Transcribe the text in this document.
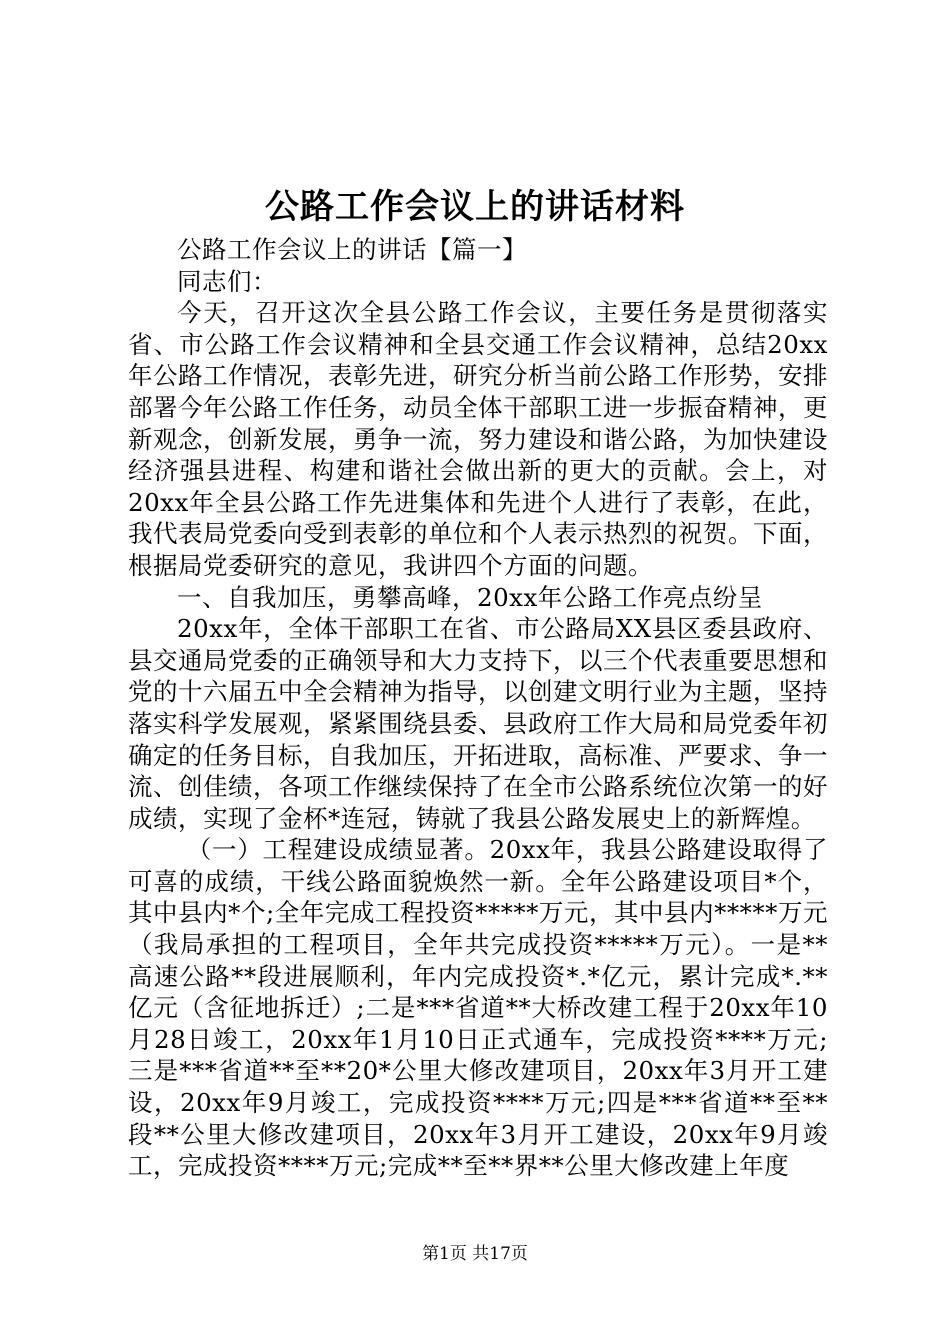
公路工作会议上的讲话材料

公路工作会议上的讲话【篇一】

同志们：

今天，召开这次全县公路工作会议，主要任务是贯彻落实省、市公路工作会议精神和全县交通工作会议精神，总结20xx年公路工作情况，表彰先进，研究分析当前公路工作形势，安排部署今年公路工作任务，动员全体干部职工进一步振奋精神，更新观念，创新发展，勇争一流，努力建设和谐公路，为加快建设经济强县进程、构建和谐社会做出新的更大的贡献。会上，对20xx年全县公路工作先进集体和先进个人进行了表彰，在此，我代表局党委向受到表彰的单位和个人表示热烈的祝贺。下面，根据局党委研究的意见，我讲四个方面的问题。

一、自我加压，勇攀高峰，20xx年公路工作亮点纷呈

20xx年，全体干部职工在省、市公路局XX县区委县政府、县交通局党委的正确领导和大力支持下，以三个代表重要思想和党的十六届五中全会精神为指导，以创建文明行业为主题，坚持落实科学发展观，紧紧围绕县委、县政府工作大局和局党委年初确定的任务目标，自我加压，开拓进取，高标准、严要求、争一流、创佳绩，各项工作继续保持了在全市公路系统位次第一的好成绩，实现了金杯*连冠，铸就了我县公路发展史上的新辉煌。

（一）工程建设成绩显著。20xx年，我县公路建设取得了可喜的成绩，干线公路面貌焕然一新。全年公路建设项目*个，其中县内*个;全年完成工程投资*****万元，其中县内*****万元（我局承担的工程项目，全年共完成投资*****万元）。一是**高速公路**段进展顺利，年内完成投资*.*亿元，累计完成*.**亿元（含征地拆迁）;二是***省道**大桥改建工程于20xx年10月28日竣工，20xx年1月10日正式通车，完成投资****万元;三是***省道**至**20*公里大修改建项目，20xx年3月开工建设，20xx年9月竣工，完成投资****万元;四是***省道**至**段**公里大修改建项目，20xx年3月开工建设，20xx年9月竣工，完成投资****万元;完成**至**界**公里大修改建上年度

第1页 共17页
